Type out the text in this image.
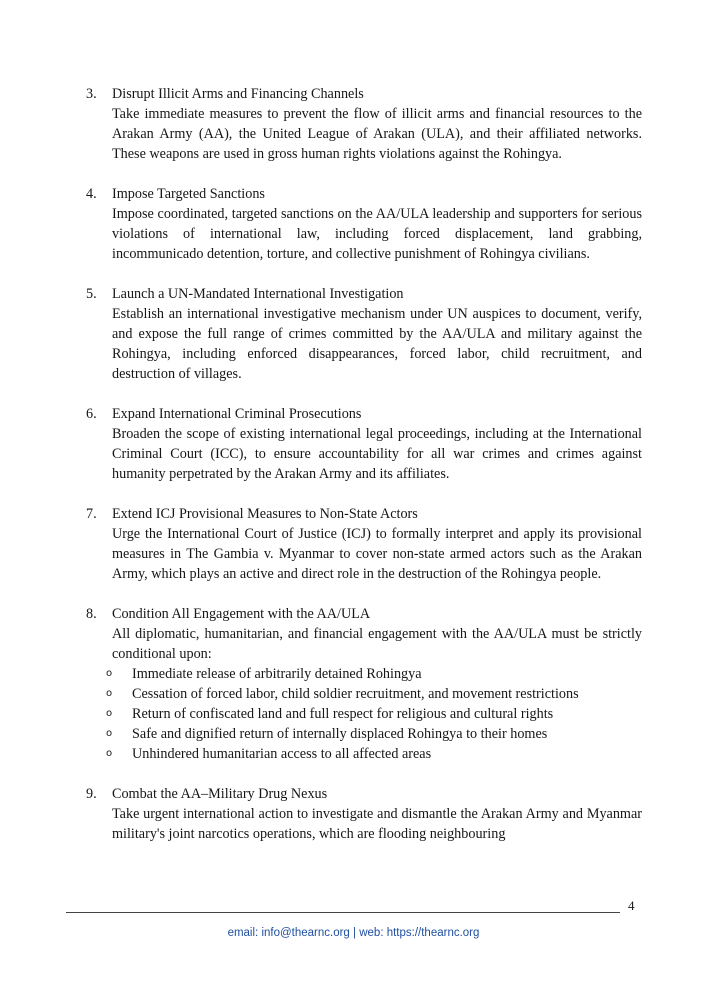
3.	Disrupt Illicit Arms and Financing Channels
Take immediate measures to prevent the flow of illicit arms and financial resources to the Arakan Army (AA), the United League of Arakan (ULA), and their affiliated networks. These weapons are used in gross human rights violations against the Rohingya.
4.	Impose Targeted Sanctions
Impose coordinated, targeted sanctions on the AA/ULA leadership and supporters for serious violations of international law, including forced displacement, land grabbing, incommunicado detention, torture, and collective punishment of Rohingya civilians.
5.	Launch a UN-Mandated International Investigation
Establish an international investigative mechanism under UN auspices to document, verify, and expose the full range of crimes committed by the AA/ULA and military against the Rohingya, including enforced disappearances, forced labor, child recruitment, and destruction of villages.
6.	Expand International Criminal Prosecutions
Broaden the scope of existing international legal proceedings, including at the International Criminal Court (ICC), to ensure accountability for all war crimes and crimes against humanity perpetrated by the Arakan Army and its affiliates.
7.	Extend ICJ Provisional Measures to Non-State Actors
Urge the International Court of Justice (ICJ) to formally interpret and apply its provisional measures in The Gambia v. Myanmar to cover non-state armed actors such as the Arakan Army, which plays an active and direct role in the destruction of the Rohingya people.
8.	Condition All Engagement with the AA/ULA
All diplomatic, humanitarian, and financial engagement with the AA/ULA must be strictly conditional upon:
o Immediate release of arbitrarily detained Rohingya
o Cessation of forced labor, child soldier recruitment, and movement restrictions
o Return of confiscated land and full respect for religious and cultural rights
o Safe and dignified return of internally displaced Rohingya to their homes
o Unhindered humanitarian access to all affected areas
9.	Combat the AA–Military Drug Nexus
Take urgent international action to investigate and dismantle the Arakan Army and Myanmar military's joint narcotics operations, which are flooding neighbouring
4
email: info@thearnc.org | web: https://thearnc.org
